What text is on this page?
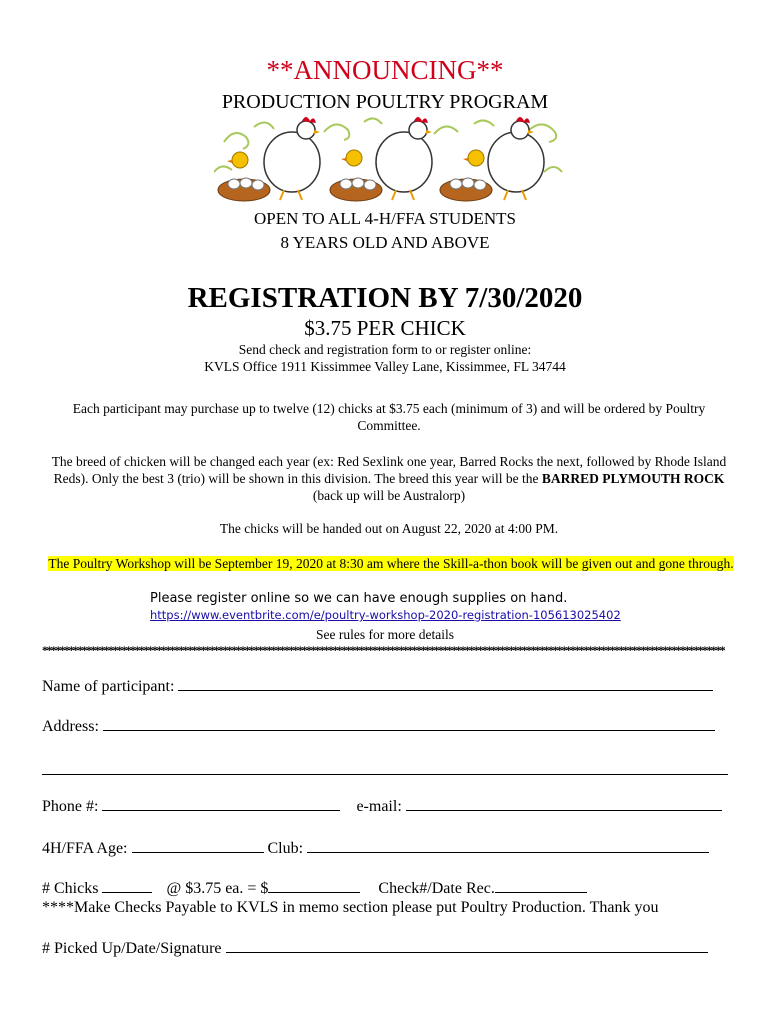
**ANNOUNCING**
PRODUCTION POULTRY PROGRAM
OPEN TO ALL 4-H/FFA STUDENTS
8 YEARS OLD AND ABOVE
REGISTRATION BY 7/30/2020
$3.75 PER CHICK
Send check and registration form to or register online:
KVLS Office 1911 Kissimmee Valley Lane, Kissimmee, FL 34744
Each participant may purchase up to twelve (12) chicks at $3.75 each (minimum of 3) and will be ordered by Poultry Committee.
The breed of chicken will be changed each year (ex: Red Sexlink one year, Barred Rocks the next, followed by Rhode Island Reds). Only the best 3 (trio) will be shown in this division. The breed this year will be the BARRED PLYMOUTH ROCK (back up will be Australorp)
The chicks will be handed out on August 22, 2020 at 4:00 PM.
The Poultry Workshop will be September 19, 2020 at 8:30 am where the Skill-a-thon book will be given out and gone through.
Please register online so we can have enough supplies on hand.
https://www.eventbrite.com/e/poultry-workshop-2020-registration-105613025402
See rules for more details
***********************************************************************************************************************************************************
Name of participant:
Address:
Phone #:	e-mail:
4H/FFA Age:	Club:
# Chicks	@ $3.75 ea. = $	Check#/Date Rec.
****Make Checks Payable to KVLS in memo section please put Poultry Production. Thank you
# Picked Up/Date/Signature
